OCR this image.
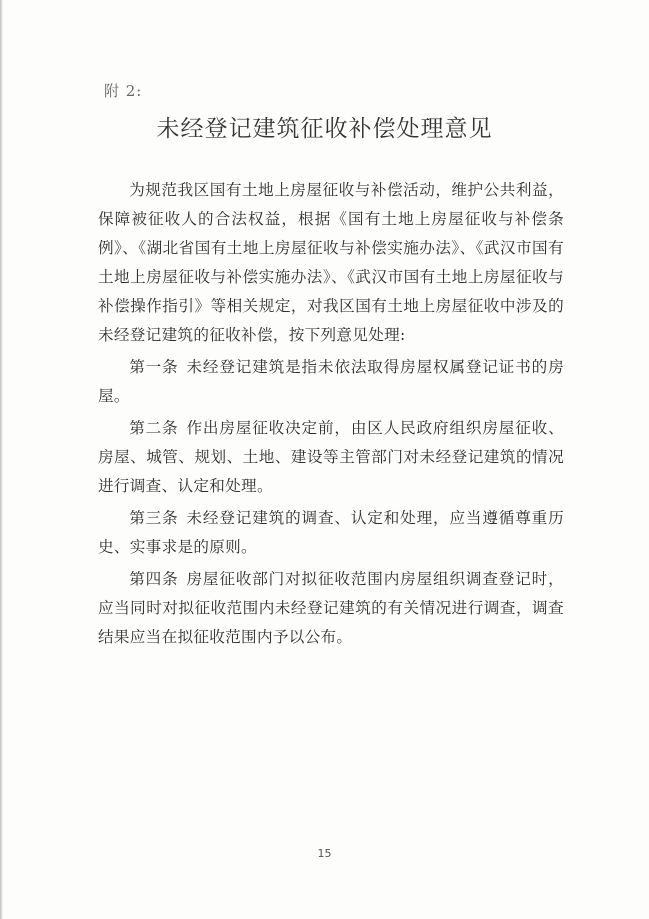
附 2:
未经登记建筑征收补偿处理意见

为规范我区国有土地上房屋征收与补偿活动，维护公共利益，保障被征收人的合法权益，根据《国有土地上房屋征收与补偿条例》、《湖北省国有土地上房屋征收与补偿实施办法》、《武汉市国有土地上房屋征收与补偿实施办法》、《武汉市国有土地上房屋征收与补偿操作指引》等相关规定，对我区国有土地上房屋征收中涉及的未经登记建筑的征收补偿，按下列意见处理:

第一条 未经登记建筑是指未依法取得房屋权属登记证书的房屋。

第二条 作出房屋征收决定前，由区人民政府组织房屋征收、房屋、城管、规划、土地、建设等主管部门对未经登记建筑的情况进行调查、认定和处理。

第三条 未经登记建筑的调查、认定和处理，应当遵循尊重历史、实事求是的原则。

第四条 房屋征收部门对拟征收范围内房屋组织调查登记时，应当同时对拟征收范围内未经登记建筑的有关情况进行调查，调查结果应当在拟征收范围内予以公布。

15
